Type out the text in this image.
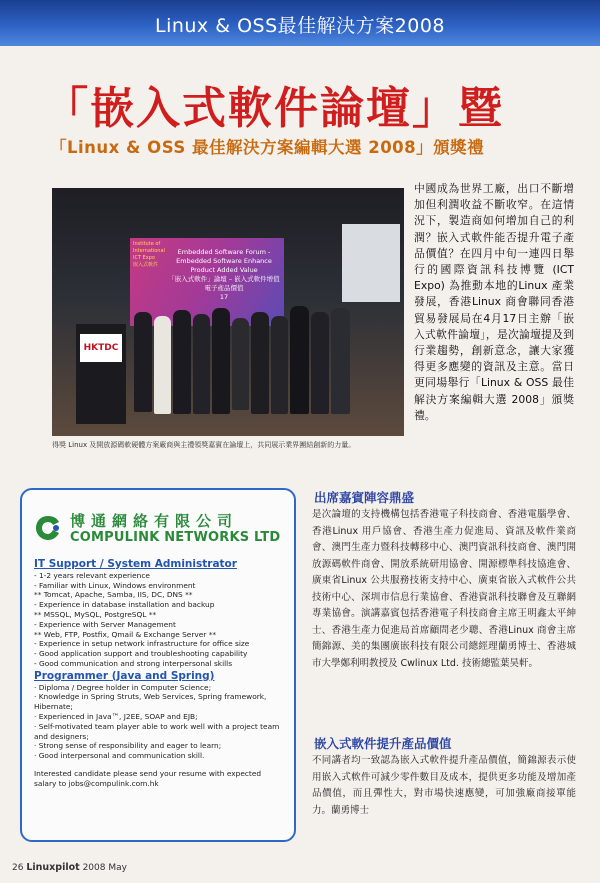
Linux & OSS最佳解決方案2008
「嵌入式軟件論壇」暨
「Linux & OSS 最佳解決方案編輯大選 2008」頒獎禮
Institute of
International ICT Expo
嵌入式軟件
Embedded Software Forum -
Embedded Software Enhance
Product Added Value
「嵌入式軟件」論壇 – 嵌入式軟件增值電子產品價值
17
HKTDC
得獎 Linux 及開放源碼軟硬體方案廠商與主禮領獎嘉賓在論壇上，共同展示業界團結創新的力量。
中國成為世界工廠，出口不斷增加但利潤收益不斷收窄。在這情況下，製造商如何增加自己的利潤？嵌入式軟件能否提升電子產品價值？在四月中旬一連四日舉行的國際資訊科技博覽 (ICT Expo) 為推動本地的Linux 產業發展，香港Linux 商會聯同香港貿易發展局在4月17日主辦「嵌入式軟件論壇」，是次論壇提及到行業趨勢，創新意念，讓大家獲得更多應變的資訊及主意。當日更同場舉行「Linux & OSS 最佳解決方案編輯大選 2008」頒獎禮。
博通網絡有限公司
COMPULINK NETWORKS LTD
IT Support / System Administrator
- 1-2 years relevant experience
- Familiar with Linux, Windows environment
** Tomcat, Apache, Samba, IIS, DC, DNS **
- Experience in database installation and backup
** MSSQL, MySQL, PostgreSQL **
- Experience with Server Management
** Web, FTP, Postfix, Qmail & Exchange Server **
- Experience in setup network infrastructure for office size
- Good application support and troubleshooting capability
- Good communication and strong interpersonal skills
Programmer (Java and Spring)
· Diploma / Degree holder in Computer Science;
· Knowledge in Spring Struts, Web Services, Spring framework, Hibernate;
· Experienced in Java™, J2EE, SOAP and EJB;
· Self-motivated team player able to work well with a project team and designers;
· Strong sense of responsibility and eager to learn;
· Good interpersonal and communication skill.
Interested candidate please send your resume with expected salary to jobs@compulink.com.hk
出席嘉賓陣容鼎盛
是次論壇的支持機構包括香港電子科技商會、香港電腦學會、香港Linux 用戶協會、香港生產力促進局、資訊及軟件業商會、澳門生產力暨科技轉移中心、澳門資訊科技商會、澳門開放源碼軟件商會、開放系統研用協會、開源標準科技協進會、廣東省Linux 公共服務技術支持中心、廣東省嵌入式軟件公共技術中心、深圳市信息行業協會、香港資訊科技聯會及互聯網專業協會。演講嘉賓包括香港電子科技商會主席王明鑫太平紳士、香港生產力促進局首席顧問老少聰、香港Linux 商會主席簡錦源、美的集團廣嵌科技有限公司總經理蘭勇博士、香港城市大學鄭利明教授及 Cwlinux Ltd. 技術總監葉昊軒。
嵌入式軟件提升產品價值
不同講者均一致認為嵌入式軟件提升產品價值，簡錦源表示使用嵌入式軟件可減少零件數目及成本，提供更多功能及增加產品價值，而且彈性大，對市場快速應變，可加強廠商接單能力。蘭勇博士
26 Linuxpilot 2008 May
